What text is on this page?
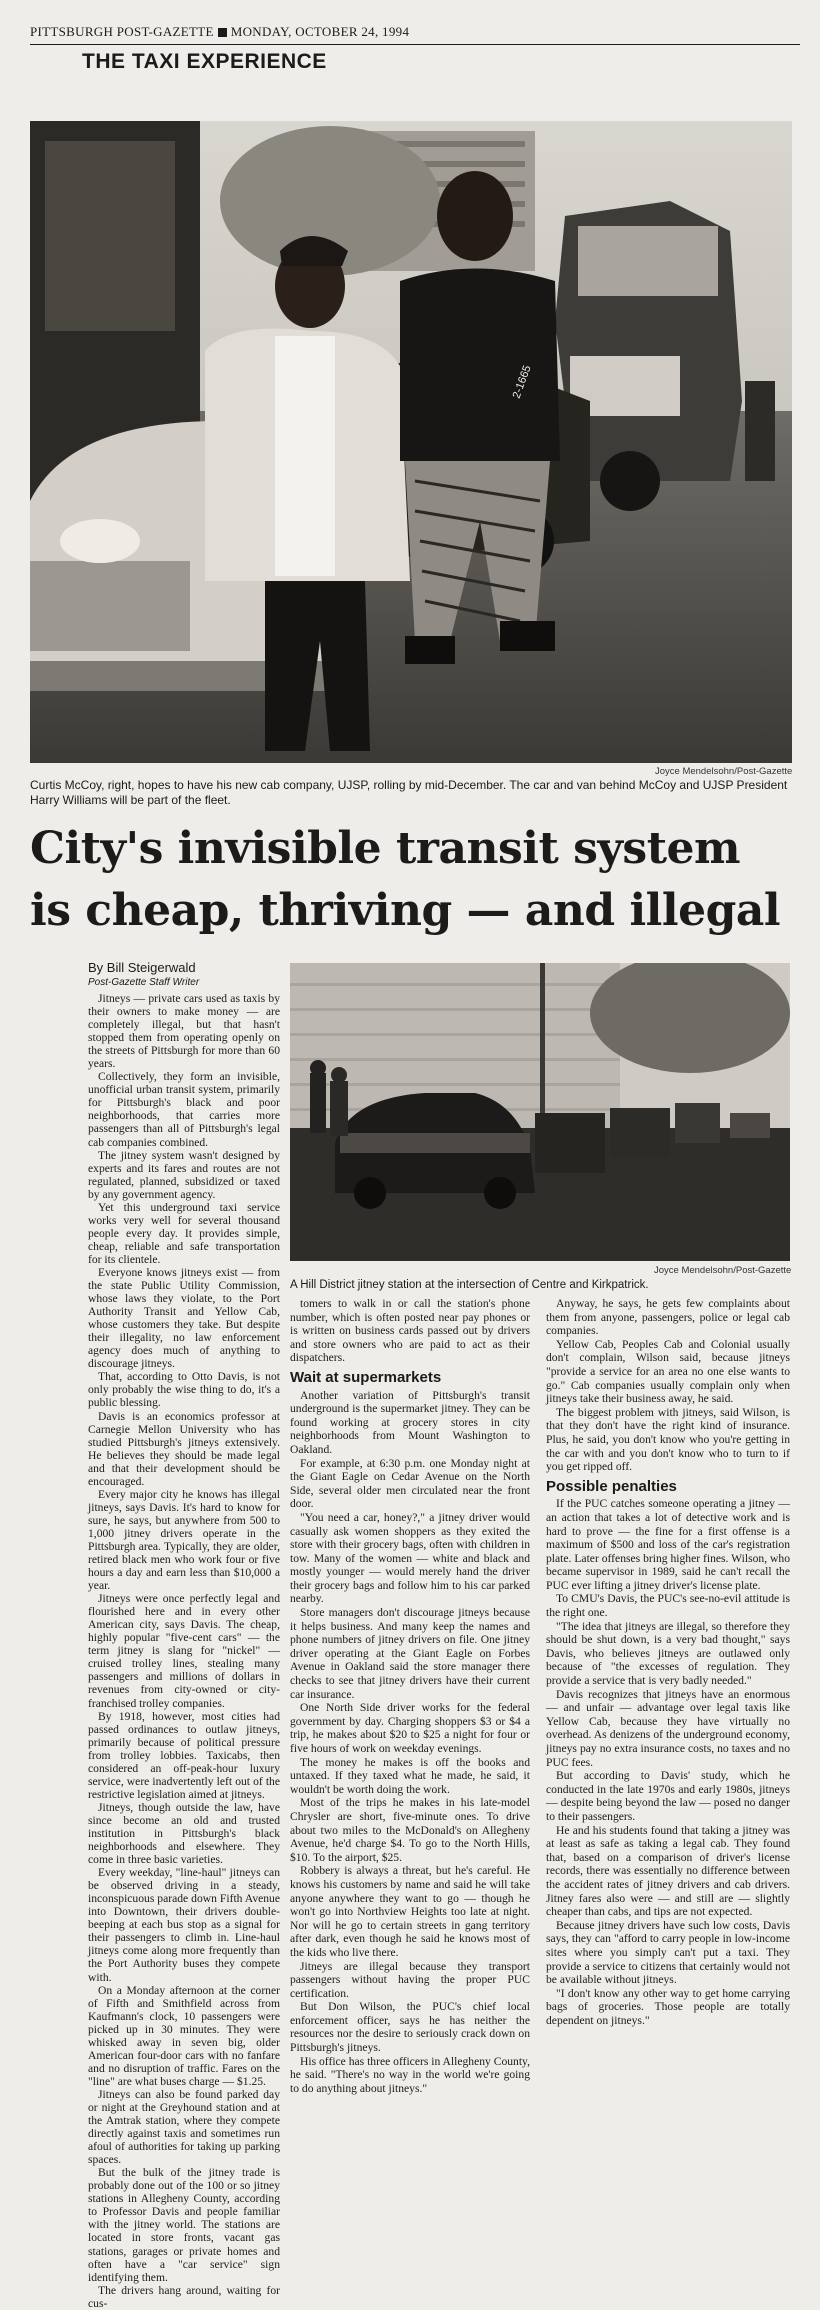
PITTSBURGH POST-GAZETTE MONDAY, OCTOBER 24, 1994
THE TAXI EXPERIENCE
2-1665
Joyce Mendelsohn/Post-Gazette
Curtis McCoy, right, hopes to have his new cab company, UJSP, rolling by mid-December. The car and van behind McCoy and UJSP President Harry Williams will be part of the fleet.
City's invisible transit system
is cheap, thriving — and illegal
By Bill Steigerwald
Post-Gazette Staff Writer
Joyce Mendelsohn/Post-Gazette
A Hill District jitney station at the intersection of Centre and Kirkpatrick.

Jitneys — private cars used as taxis by their owners to make money — are completely illegal, but that hasn't stopped them from operating openly on the streets of Pittsburgh for more than 60 years.

Collectively, they form an invisible, unofficial urban transit system, primarily for Pittsburgh's black and poor neighborhoods, that carries more passengers than all of Pittsburgh's legal cab companies combined.

The jitney system wasn't designed by experts and its fares and routes are not regulated, planned, subsidized or taxed by any government agency.

Yet this underground taxi service works very well for several thousand people every day. It provides simple, cheap, reliable and safe transportation for its clientele.

Everyone knows jitneys exist — from the state Public Utility Commission, whose laws they violate, to the Port Authority Transit and Yellow Cab, whose customers they take. But despite their illegality, no law enforcement agency does much of anything to discourage jitneys.

That, according to Otto Davis, is not only probably the wise thing to do, it's a public blessing.

Davis is an economics professor at Carnegie Mellon University who has studied Pittsburgh's jitneys extensively. He believes they should be made legal and that their development should be encouraged.

Every major city he knows has illegal jitneys, says Davis. It's hard to know for sure, he says, but anywhere from 500 to 1,000 jitney drivers operate in the Pittsburgh area. Typically, they are older, retired black men who work four or five hours a day and earn less than $10,000 a year.

Jitneys were once perfectly legal and flourished here and in every other American city, says Davis. The cheap, highly popular "five-cent cars" — the term jitney is slang for "nickel" — cruised trolley lines, stealing many passengers and millions of dollars in revenues from city-owned or city-franchised trolley companies.

By 1918, however, most cities had passed ordinances to outlaw jitneys, primarily because of political pressure from trolley lobbies. Taxicabs, then considered an off-peak-hour luxury service, were inadvertently left out of the restrictive legislation aimed at jitneys.

Jitneys, though outside the law, have since become an old and trusted institution in Pittsburgh's black neighborhoods and elsewhere. They come in three basic varieties.

Every weekday, "line-haul" jitneys can be observed driving in a steady, inconspicuous parade down Fifth Avenue into Downtown, their drivers double-beeping at each bus stop as a signal for their passengers to climb in. Line-haul jitneys come along more frequently than the Port Authority buses they compete with.

On a Monday afternoon at the corner of Fifth and Smithfield across from Kaufmann's clock, 10 passengers were picked up in 30 minutes. They were whisked away in seven big, older American four-door cars with no fanfare and no disruption of traffic. Fares on the "line" are what buses charge — $1.25.

Jitneys can also be found parked day or night at the Greyhound station and at the Amtrak station, where they compete directly against taxis and sometimes run afoul of authorities for taking up parking spaces.

But the bulk of the jitney trade is probably done out of the 100 or so jitney stations in Allegheny County, according to Professor Davis and people familiar with the jitney world. The stations are located in store fronts, vacant gas stations, garages or private homes and often have a "car service" sign identifying them.

The drivers hang around, waiting for cus-

tomers to walk in or call the station's phone number, which is often posted near pay phones or is written on business cards passed out by drivers and store owners who are paid to act as their dispatchers.

Wait at supermarkets

Another variation of Pittsburgh's transit underground is the supermarket jitney. They can be found working at grocery stores in city neighborhoods from Mount Washington to Oakland.

For example, at 6:30 p.m. one Monday night at the Giant Eagle on Cedar Avenue on the North Side, several older men circulated near the front door.

"You need a car, honey?," a jitney driver would casually ask women shoppers as they exited the store with their grocery bags, often with children in tow. Many of the women — white and black and mostly younger — would merely hand the driver their grocery bags and follow him to his car parked nearby.

Store managers don't discourage jitneys because it helps business. And many keep the names and phone numbers of jitney drivers on file. One jitney driver operating at the Giant Eagle on Forbes Avenue in Oakland said the store manager there checks to see that jitney drivers have their current car insurance.

One North Side driver works for the federal government by day. Charging shoppers $3 or $4 a trip, he makes about $20 to $25 a night for four or five hours of work on weekday evenings.

The money he makes is off the books and untaxed. If they taxed what he made, he said, it wouldn't be worth doing the work.

Most of the trips he makes in his late-model Chrysler are short, five-minute ones. To drive about two miles to the McDonald's on Allegheny Avenue, he'd charge $4. To go to the North Hills, $10. To the airport, $25.

Robbery is always a threat, but he's careful. He knows his customers by name and said he will take anyone anywhere they want to go — though he won't go into Northview Heights too late at night. Nor will he go to certain streets in gang territory after dark, even though he said he knows most of the kids who live there.

Jitneys are illegal because they transport passengers without having the proper PUC certification.

But Don Wilson, the PUC's chief local enforcement officer, says he has neither the resources nor the desire to seriously crack down on Pittsburgh's jitneys.

His office has three officers in Allegheny County, he said. "There's no way in the world we're going to do anything about jitneys."

Anyway, he says, he gets few complaints about them from anyone, passengers, police or legal cab companies.

Yellow Cab, Peoples Cab and Colonial usually don't complain, Wilson said, because jitneys "provide a service for an area no one else wants to go." Cab companies usually complain only when jitneys take their business away, he said.

The biggest problem with jitneys, said Wilson, is that they don't have the right kind of insurance. Plus, he said, you don't know who you're getting in the car with and you don't know who to turn to if you get ripped off.

Possible penalties

If the PUC catches someone operating a jitney — an action that takes a lot of detective work and is hard to prove — the fine for a first offense is a maximum of $500 and loss of the car's registration plate. Later offenses bring higher fines. Wilson, who became supervisor in 1989, said he can't recall the PUC ever lifting a jitney driver's license plate.

To CMU's Davis, the PUC's see-no-evil attitude is the right one.

"The idea that jitneys are illegal, so therefore they should be shut down, is a very bad thought," says Davis, who believes jitneys are outlawed only because of "the excesses of regulation. They provide a service that is very badly needed."

Davis recognizes that jitneys have an enormous — and unfair — advantage over legal taxis like Yellow Cab, because they have virtually no overhead. As denizens of the underground economy, jitneys pay no extra insurance costs, no taxes and no PUC fees.

But according to Davis' study, which he conducted in the late 1970s and early 1980s, jitneys — despite being beyond the law — posed no danger to their passengers.

He and his students found that taking a jitney was at least as safe as taking a legal cab. They found that, based on a comparison of driver's license records, there was essentially no difference between the accident rates of jitney drivers and cab drivers. Jitney fares also were — and still are — slightly cheaper than cabs, and tips are not expected.

Because jitney drivers have such low costs, Davis says, they can "afford to carry people in low-income sites where you simply can't put a taxi. They provide a service to citizens that certainly would not be available without jitneys.

"I don't know any other way to get home carrying bags of groceries. Those people are totally dependent on jitneys."
